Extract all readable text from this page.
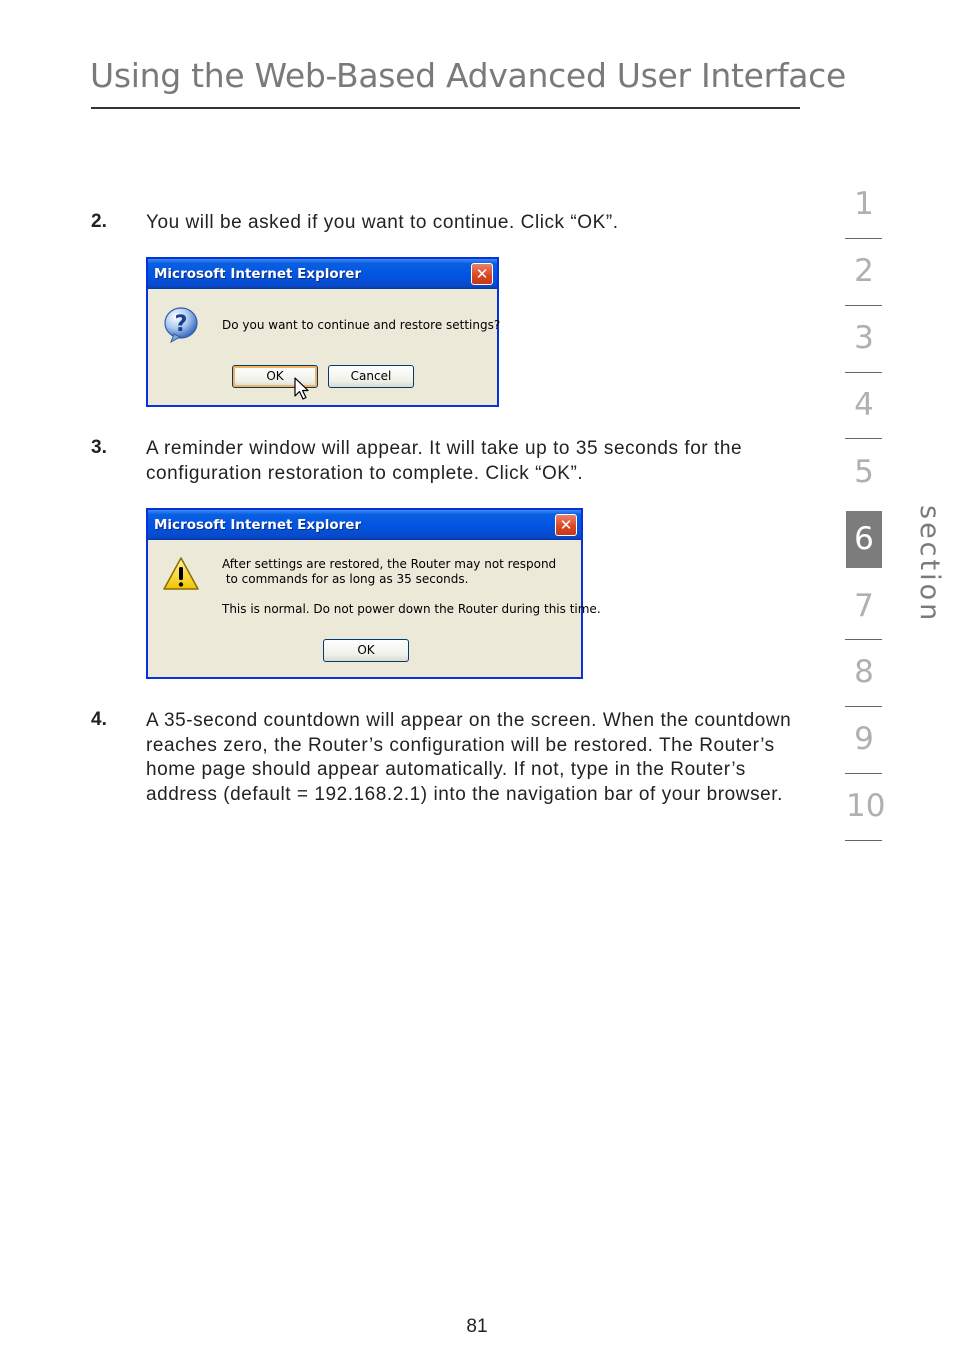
Using the Web-Based Advanced User Interface
2. You will be asked if you want to continue. Click “OK”.
Microsoft Internet Explorer	✕
?	Do you want to continue and restore settings?
OK	Cancel
3. A reminder window will appear. It will take up to 35 seconds for the configuration restoration to complete. Click “OK”.
Microsoft Internet Explorer	✕
After settings are restored, the Router may not respond
to commands for as long as 35 seconds.
This is normal. Do not power down the Router during this time.
OK
4. A 35-second countdown will appear on the screen. When the countdown reaches zero, the Router’s configuration will be restored. The Router’s home page should appear automatically. If not, type in the Router’s address (default = 192.168.2.1) into the navigation bar of your browser.
1
2
3
4
5
6
7
8
9
10
section
81
